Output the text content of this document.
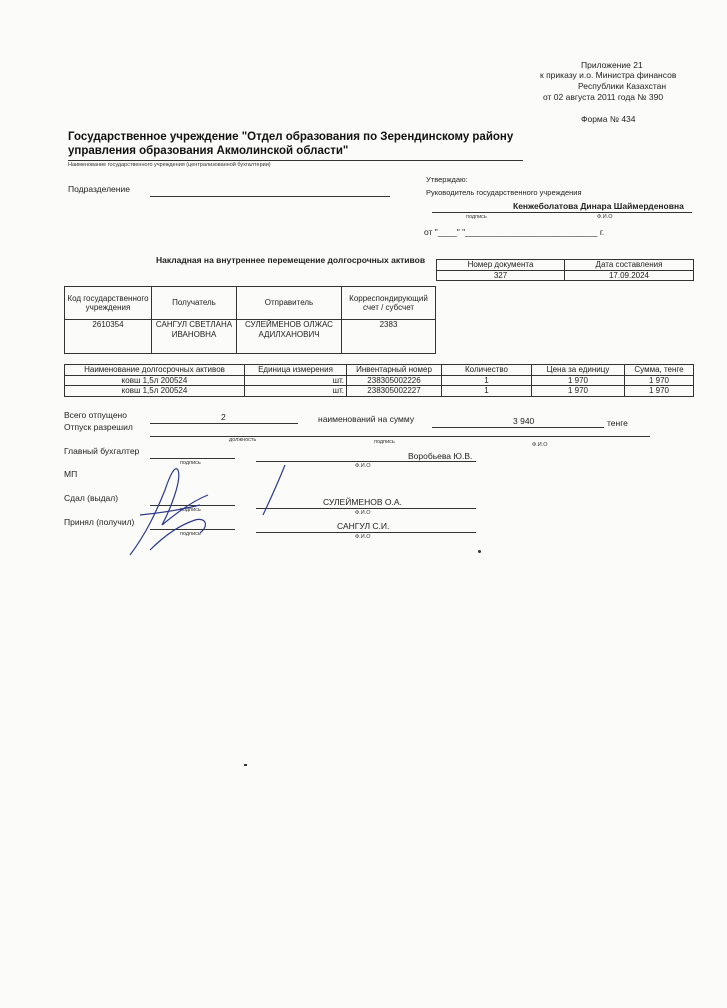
Приложение 21
к приказу и.о. Министра финансов
Республики Казахстан
от 02 августа 2011 года № 390
Форма № 434
Государственное учреждение "Отдел образования по Зерендинскому району
управления образования Акмолинской области"
Наименование государственного учреждения (централизованной бухгалтерии)
Подразделение
Утверждаю:
Руководитель государственного учреждения
Кенжеболатова Динара Шаймерденовна
подпись	Ф.И.О
от "____" "____________________________ г.
Накладная на внутреннее перемещение долгосрочных активов	Номер документа	Дата составления
327	17.09.2024
Код государственного учреждения	Получатель	Отправитель	Корреспондирующий счет / субсчет
2610354	САНГУЛ СВЕТЛАНА ИВАНОВНА	СУЛЕЙМЕНОВ ОЛЖАС АДИЛХАНОВИЧ	2383
Наименование долгосрочных активов	Единица измерения	Инвентарный номер	Количество	Цена за единицу	Сумма, тенге
ковш 1,5л 200524	шт.	238305002226	1	1 970	1 970
ковш 1,5л 200524	шт.	238305002227	1	1 970	1 970
Всего отпущено	2	наименований на сумму	3 940	тенге
Отпуск разрешил
должность	подпись	Ф.И.О
Главный бухгалтер	Воробьева Ю.В.
подпись	Ф.И.О
МП
Сдал (выдал)	СУЛЕЙМЕНОВ О.А.
подпись	Ф.И.О
Принял (получил)	САНГУЛ С.И.
подпись	Ф.И.О
